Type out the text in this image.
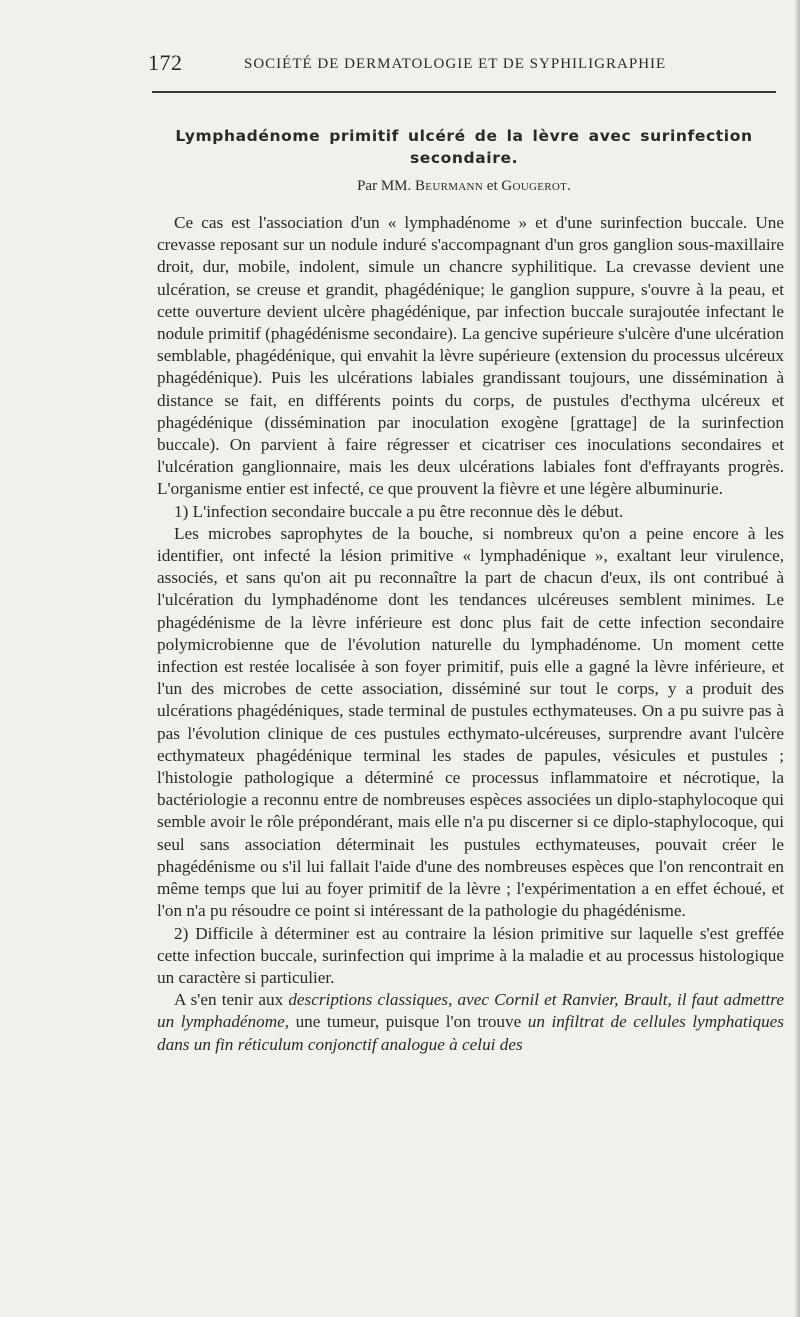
172	SOCIÉTÉ DE DERMATOLOGIE ET DE SYPHILIGRAPHIE
Lymphadénome primitif ulcéré de la lèvre avec surinfection
secondaire.
Par MM. Beurmann et Gougerot.

Ce cas est l'association d'un « lymphadénome » et d'une surinfection buccale. Une crevasse reposant sur un nodule induré s'accompagnant d'un gros ganglion sous-maxillaire droit, dur, mobile, indolent, simule un chancre syphilitique. La crevasse devient une ulcération, se creuse et grandit, phagédénique; le ganglion suppure, s'ouvre à la peau, et cette ouverture devient ulcère phagédénique, par infection buccale surajoutée infectant le nodule primitif (phagédénisme secondaire). La gencive supérieure s'ulcère d'une ulcération semblable, phagédénique, qui envahit la lèvre supérieure (extension du processus ulcéreux phagédénique). Puis les ulcérations labiales grandissant toujours, une dissémination à distance se fait, en différents points du corps, de pustules d'ecthyma ulcéreux et phagédénique (dissémination par inoculation exogène [grattage] de la surinfection buccale). On parvient à faire régresser et cicatriser ces inoculations secondaires et l'ulcération ganglionnaire, mais les deux ulcérations labiales font d'effrayants progrès. L'organisme entier est infecté, ce que prouvent la fièvre et une légère albuminurie.

1) L'infection secondaire buccale a pu être reconnue dès le début.

Les microbes saprophytes de la bouche, si nombreux qu'on a peine encore à les identifier, ont infecté la lésion primitive « lymphadénique », exaltant leur virulence, associés, et sans qu'on ait pu reconnaître la part de chacun d'eux, ils ont contribué à l'ulcération du lymphadénome dont les tendances ulcéreuses semblent minimes. Le phagédénisme de la lèvre inférieure est donc plus fait de cette infection secondaire polymicrobienne que de l'évolution naturelle du lymphadénome. Un moment cette infection est restée localisée à son foyer primitif, puis elle a gagné la lèvre inférieure, et l'un des microbes de cette association, disséminé sur tout le corps, y a produit des ulcérations phagédéniques, stade terminal de pustules ecthymateuses. On a pu suivre pas à pas l'évolution clinique de ces pustules ecthymato-ulcéreuses, surprendre avant l'ulcère ecthymateux phagédénique terminal les stades de papules, vésicules et pustules ; l'histologie pathologique a déterminé ce processus inflammatoire et nécrotique, la bactériologie a reconnu entre de nombreuses espèces associées un diplo-staphylocoque qui semble avoir le rôle prépondérant, mais elle n'a pu discerner si ce diplo-staphylocoque, qui seul sans association déterminait les pustules ecthymateuses, pouvait créer le phagédénisme ou s'il lui fallait l'aide d'une des nombreuses espèces que l'on rencontrait en même temps que lui au foyer primitif de la lèvre ; l'expérimentation a en effet échoué, et l'on n'a pu résoudre ce point si intéressant de la pathologie du phagédénisme.

2) Difficile à déterminer est au contraire la lésion primitive sur laquelle s'est greffée cette infection buccale, surinfection qui imprime à la maladie et au processus histologique un caractère si particulier.

A s'en tenir aux descriptions classiques, avec Cornil et Ranvier, Brault, il faut admettre un lymphadénome, une tumeur, puisque l'on trouve un infiltrat de cellules lymphatiques dans un fin réticulum conjonctif analogue à celui des
